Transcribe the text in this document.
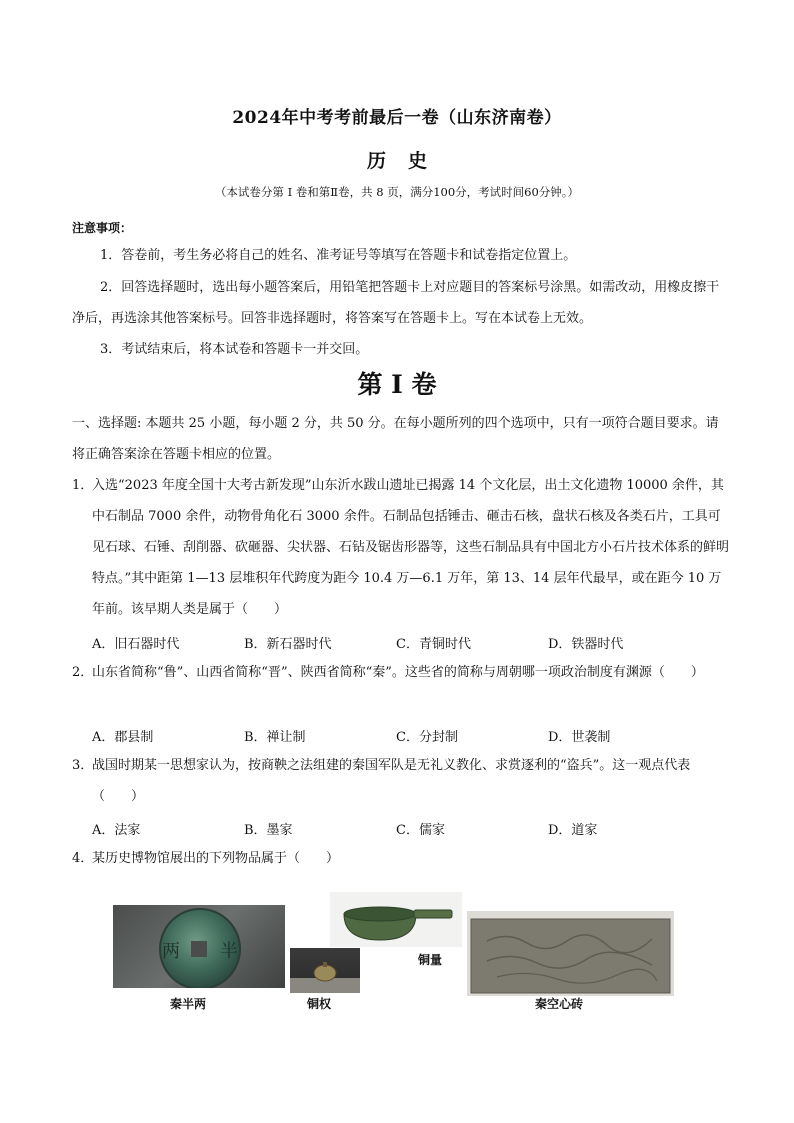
2024年中考考前最后一卷（山东济南卷）
历史
（本试卷分第 I 卷和第Ⅱ卷，共 8 页，满分100分，考试时间60分钟。）
注意事项：
1．答卷前，考生务必将自己的姓名、准考证号等填写在答题卡和试卷指定位置上。
2．回答选择题时，选出每小题答案后，用铅笔把答题卡上对应题目的答案标号涂黑。如需改动，用橡皮擦干净后，再选涂其他答案标号。回答非选择题时，将答案写在答题卡上。写在本试卷上无效。
3．考试结束后，将本试卷和答题卡一并交回。
第 I 卷
一、选择题: 本题共 25 小题，每小题 2 分，共 50 分。在每小题所列的四个选项中，只有一项符合题目要求。请将正确答案涂在答题卡相应的位置。
1．
入选“2023 年度全国十大考古新发现”山东沂水跋山遗址已揭露 14 个文化层，出土文化遗物 10000 余件，其中石制品 7000 余件，动物骨角化石 3000 余件。石制品包括锤击、砸击石核，盘状石核及各类石片，工具可见石球、石锤、刮削器、砍砸器、尖状器、石钻及锯齿形器等，这些石制品具有中国北方小石片技术体系的鲜明特点。”其中距第 1—13 层堆积年代跨度为距今 10.4 万—6.1 万年，第 13、14 层年代最早，或在距今 10 万年前。该早期人类是属于（　　）
A．旧石器时代	B．新石器时代	C．青铜时代	D．铁器时代
2．
山东省简称“鲁”、山西省简称“晋”、陕西省简称“秦”。这些省的简称与周朝哪一项政治制度有渊源（　　）
A．郡县制	B．禅让制	C．分封制	D．世袭制
3．
战国时期某一思想家认为，按商鞅之法组建的秦国军队是无礼义教化、求赏逐利的“盗兵”。这一观点代表（　　）
A．法家	B．墨家	C．儒家	D．道家
4．
某历史博物馆展出的下列物品属于（　　）
两 半
秦半两	铜权
铜量
秦空心砖
